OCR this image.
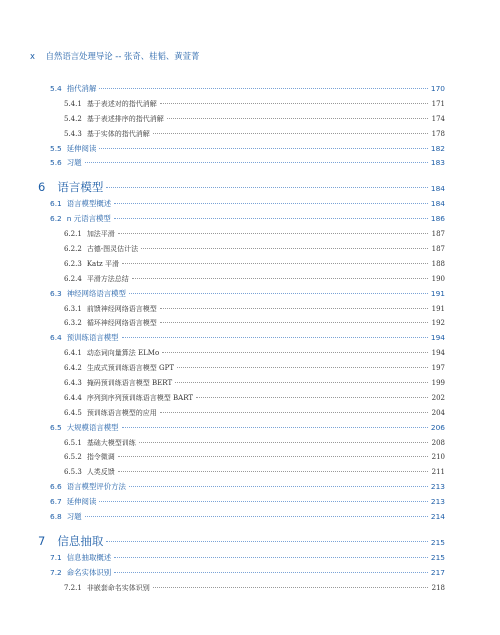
x 自然语言处理导论 -- 张奇、桂韬、黄萱菁
5.4 指代消解	170
5.4.1 基于表述对的指代消解	171
5.4.2 基于表述排序的指代消解	174
5.4.3 基于实体的指代消解	178
5.5 延伸阅读	182
5.6 习题	183
6 语言模型	184
6.1 语言模型概述	184
6.2 n 元语言模型	186
6.2.1 加法平滑	187
6.2.2 古德-图灵估计法	187
6.2.3 Katz 平滑	188
6.2.4 平滑方法总结	190
6.3 神经网络语言模型	191
6.3.1 前馈神经网络语言模型	191
6.3.2 循环神经网络语言模型	192
6.4 预训练语言模型	194
6.4.1 动态词向量算法 ELMo	194
6.4.2 生成式预训练语言模型 GPT	197
6.4.3 掩码预训练语言模型 BERT	199
6.4.4 序列到序列预训练语言模型 BART	202
6.4.5 预训练语言模型的应用	204
6.5 大规模语言模型	206
6.5.1 基础大模型训练	208
6.5.2 指令微调	210
6.5.3 人类反馈	211
6.6 语言模型评价方法	213
6.7 延伸阅读	213
6.8 习题	214
7 信息抽取	215
7.1 信息抽取概述	215
7.2 命名实体识别	217
7.2.1 非嵌套命名实体识别	218
